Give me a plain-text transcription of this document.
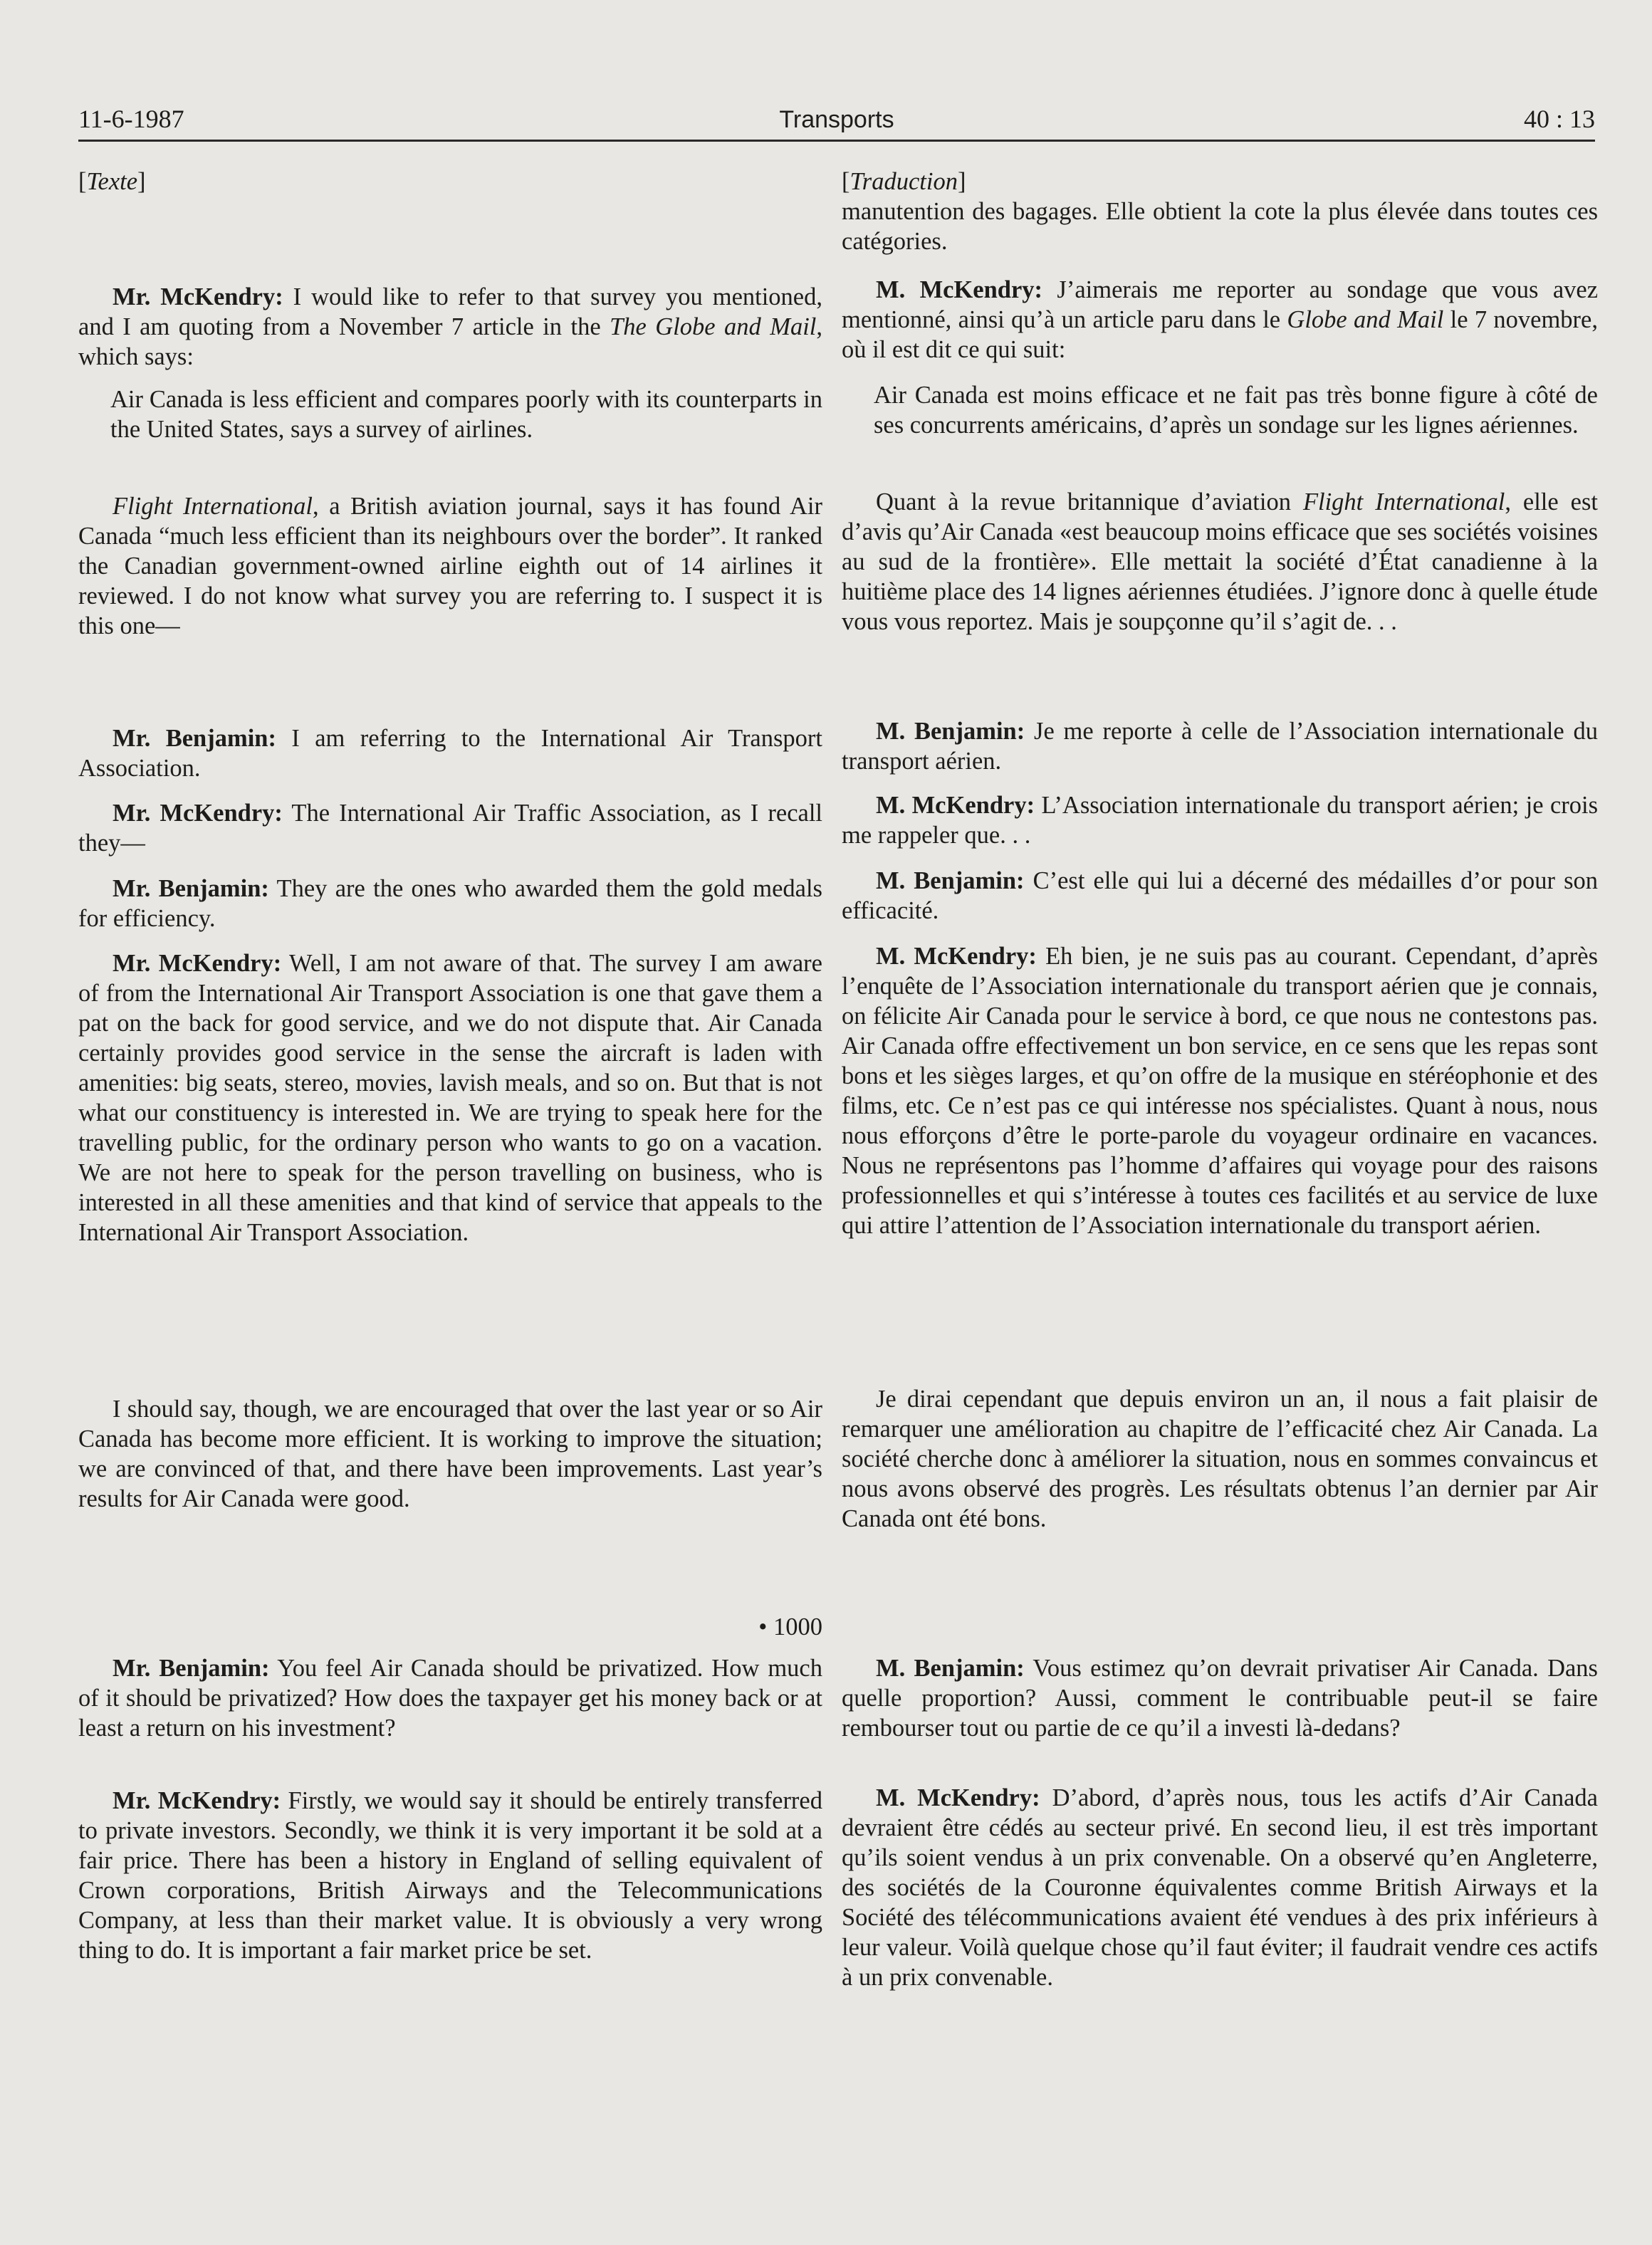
11-6-1987	Transports	40 : 13
[Texte]

Mr. McKendry: I would like to refer to that survey you mentioned, and I am quoting from a November 7 article in the The Globe and Mail, which says:

Air Canada is less efficient and compares poorly with its counterparts in the United States, says a survey of airlines.

Flight International, a British aviation journal, says it has found Air Canada “much less efficient than its neighbours over the border”. It ranked the Canadian government-owned airline eighth out of 14 airlines it reviewed. I do not know what survey you are referring to. I suspect it is this one—

Mr. Benjamin: I am referring to the International Air Transport Association.

Mr. McKendry: The International Air Traffic Association, as I recall they—

Mr. Benjamin: They are the ones who awarded them the gold medals for efficiency.

Mr. McKendry: Well, I am not aware of that. The survey I am aware of from the International Air Transport Association is one that gave them a pat on the back for good service, and we do not dispute that. Air Canada certainly provides good service in the sense the aircraft is laden with amenities: big seats, stereo, movies, lavish meals, and so on. But that is not what our constituency is interested in. We are trying to speak here for the travelling public, for the ordinary person who wants to go on a vacation. We are not here to speak for the person travelling on business, who is interested in all these amenities and that kind of service that appeals to the International Air Transport Association.

I should say, though, we are encouraged that over the last year or so Air Canada has become more efficient. It is working to improve the situation; we are convinced of that, and there have been improvements. Last year’s results for Air Canada were good.

• 1000

Mr. Benjamin: You feel Air Canada should be privatized. How much of it should be privatized? How does the taxpayer get his money back or at least a return on his investment?

Mr. McKendry: Firstly, we would say it should be entirely transferred to private investors. Secondly, we think it is very important it be sold at a fair price. There has been a history in England of selling equivalent of Crown corporations, British Airways and the Telecommunications Company, at less than their market value. It is obviously a very wrong thing to do. It is important a fair market price be set.

[Traduction]

manutention des bagages. Elle obtient la cote la plus élevée dans toutes ces catégories.

M. McKendry: J’aimerais me reporter au sondage que vous avez mentionné, ainsi qu’à un article paru dans le Globe and Mail le 7 novembre, où il est dit ce qui suit:

Air Canada est moins efficace et ne fait pas très bonne figure à côté de ses concurrents américains, d’après un sondage sur les lignes aériennes.

Quant à la revue britannique d’aviation Flight International, elle est d’avis qu’Air Canada «est beaucoup moins efficace que ses sociétés voisines au sud de la frontière». Elle mettait la société d’État canadienne à la huitième place des 14 lignes aériennes étudiées. J’ignore donc à quelle étude vous vous reportez. Mais je soupçonne qu’il s’agit de. . .

M. Benjamin: Je me reporte à celle de l’Association internationale du transport aérien.

M. McKendry: L’Association internationale du transport aérien; je crois me rappeler que. . .

M. Benjamin: C’est elle qui lui a décerné des médailles d’or pour son efficacité.

M. McKendry: Eh bien, je ne suis pas au courant. Cependant, d’après l’enquête de l’Association internationale du transport aérien que je connais, on félicite Air Canada pour le service à bord, ce que nous ne contestons pas. Air Canada offre effectivement un bon service, en ce sens que les repas sont bons et les sièges larges, et qu’on offre de la musique en stéréophonie et des films, etc. Ce n’est pas ce qui intéresse nos spécialistes. Quant à nous, nous nous efforçons d’être le porte-parole du voyageur ordinaire en vacances. Nous ne représentons pas l’homme d’affaires qui voyage pour des raisons professionnelles et qui s’intéresse à toutes ces facilités et au service de luxe qui attire l’attention de l’Association internationale du transport aérien.

Je dirai cependant que depuis environ un an, il nous a fait plaisir de remarquer une amélioration au chapitre de l’efficacité chez Air Canada. La société cherche donc à améliorer la situation, nous en sommes convaincus et nous avons observé des progrès. Les résultats obtenus l’an dernier par Air Canada ont été bons.

M. Benjamin: Vous estimez qu’on devrait privatiser Air Canada. Dans quelle proportion? Aussi, comment le contribuable peut-il se faire rembourser tout ou partie de ce qu’il a investi là-dedans?

M. McKendry: D’abord, d’après nous, tous les actifs d’Air Canada devraient être cédés au secteur privé. En second lieu, il est très important qu’ils soient vendus à un prix convenable. On a observé qu’en Angleterre, des sociétés de la Couronne équivalentes comme British Airways et la Société des télécommunications avaient été vendues à des prix inférieurs à leur valeur. Voilà quelque chose qu’il faut éviter; il faudrait vendre ces actifs à un prix convenable.
